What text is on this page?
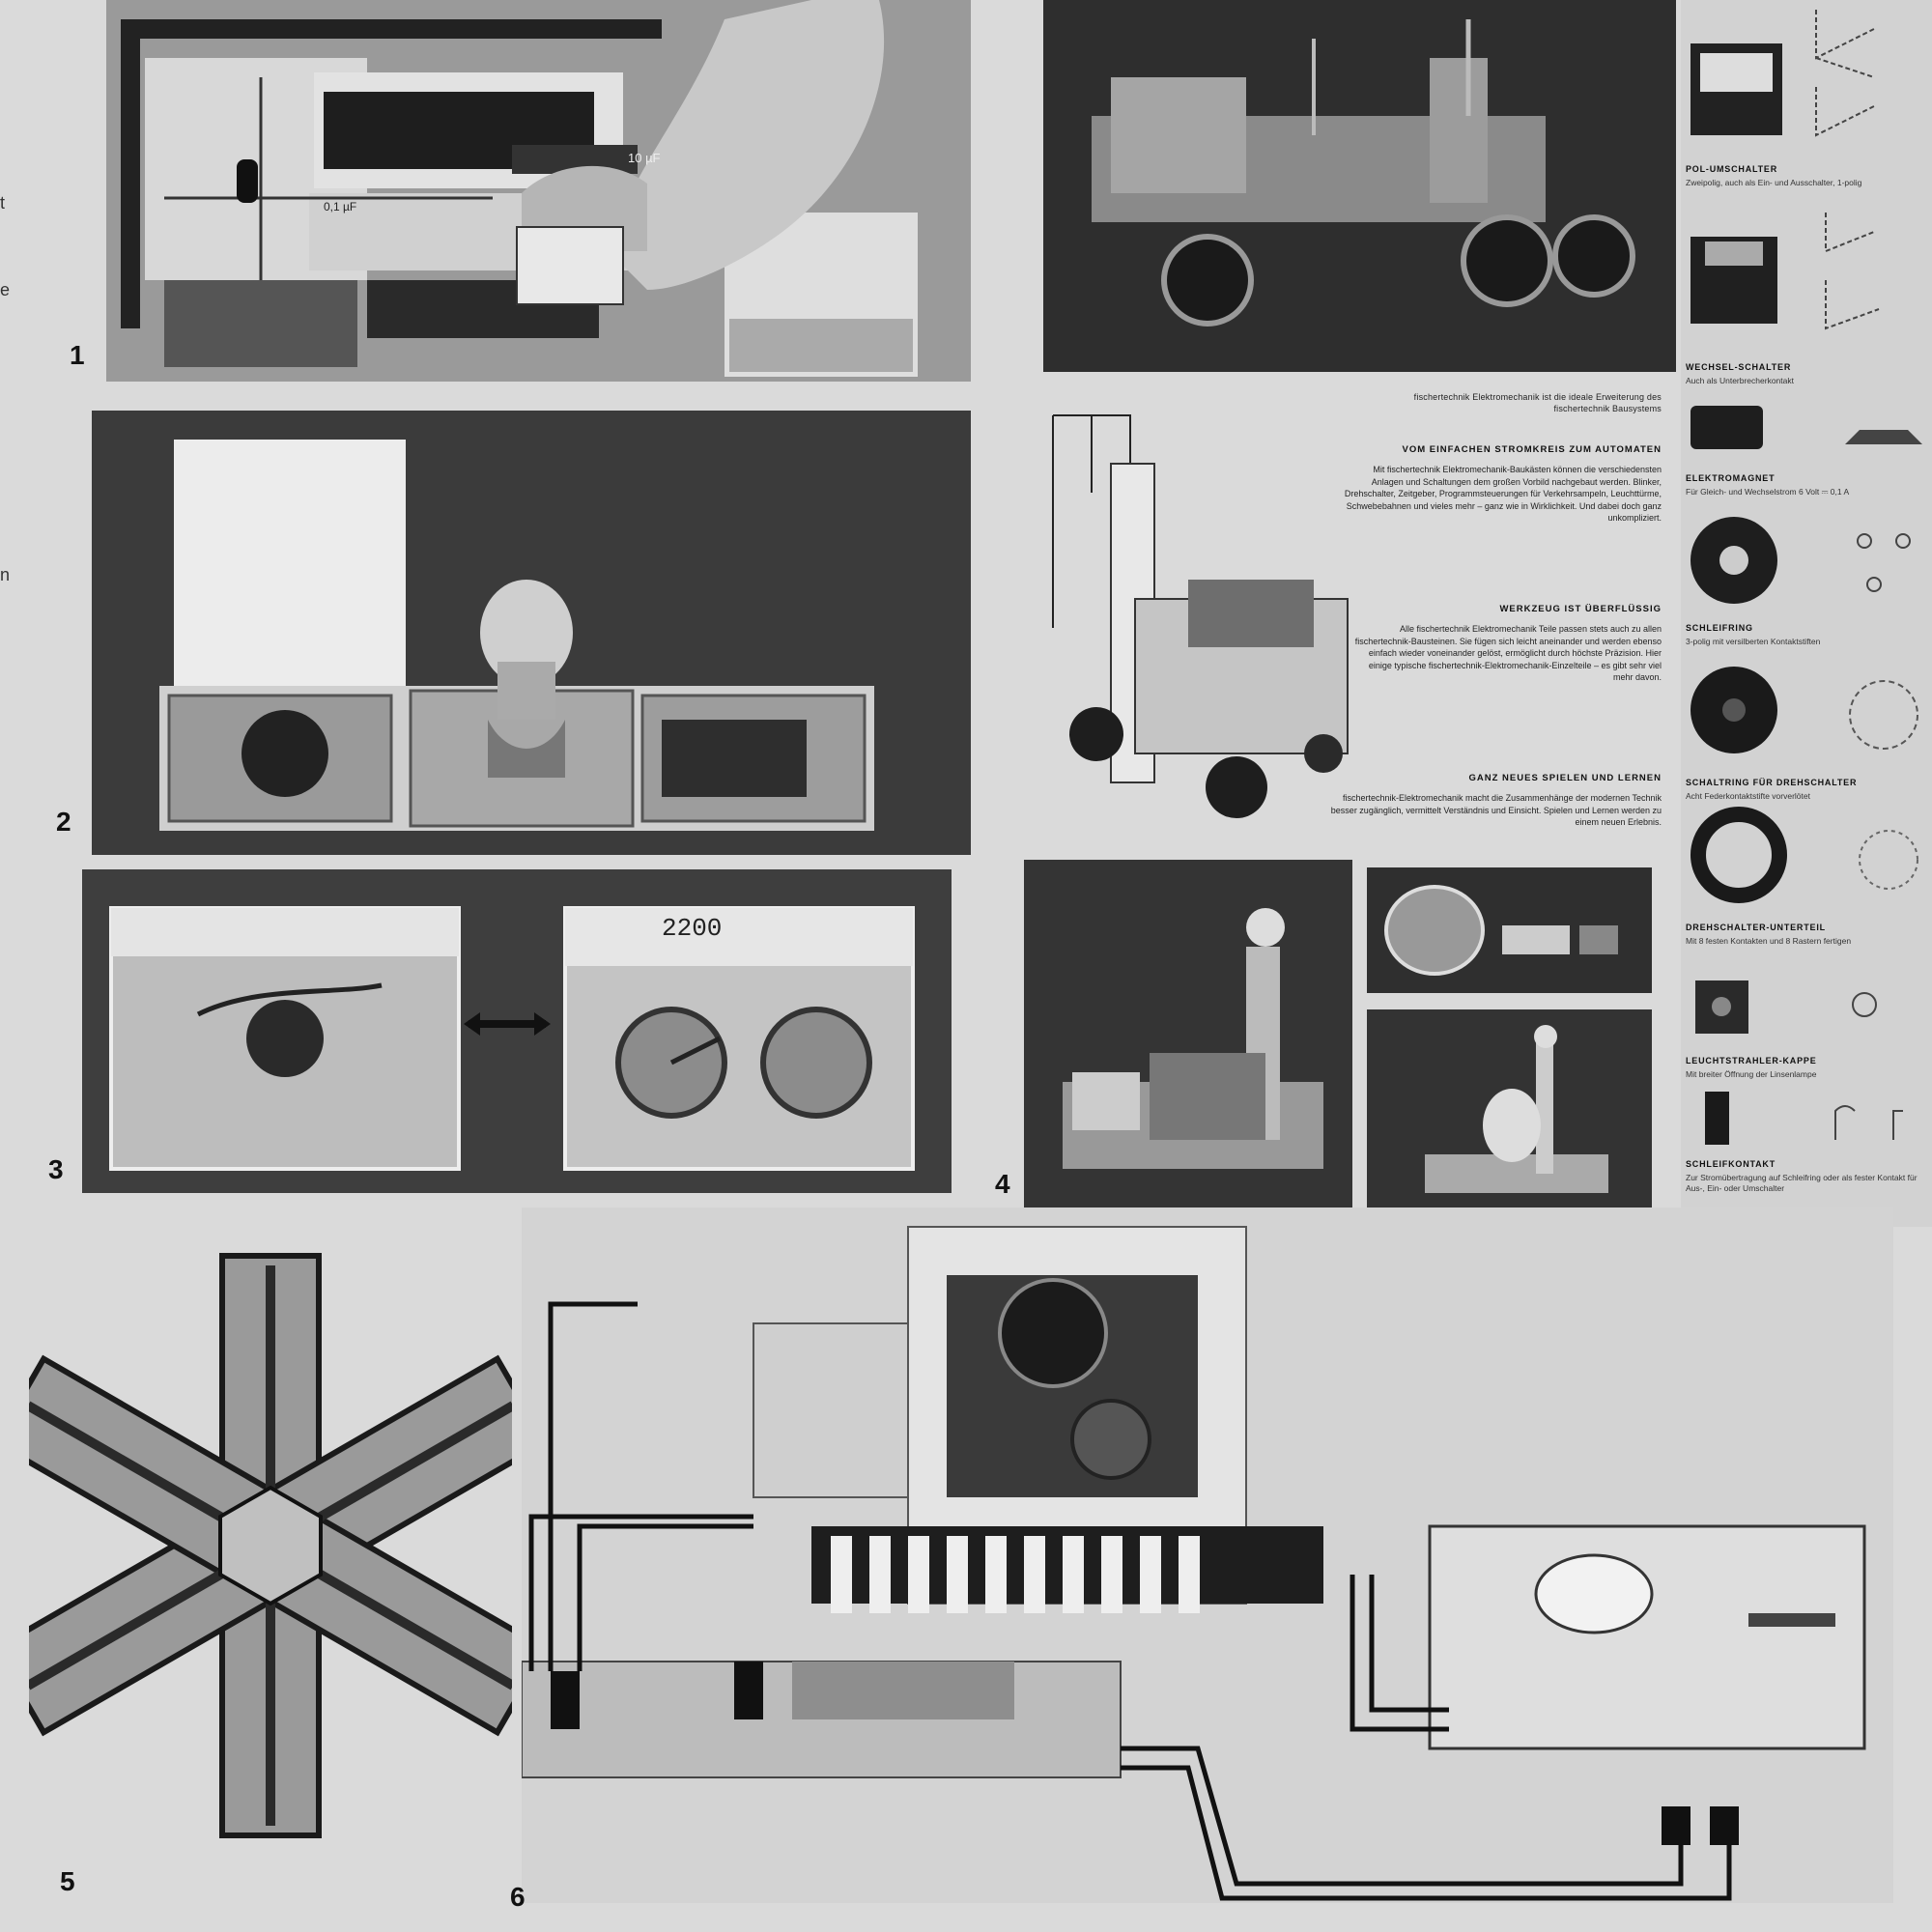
t
e
n
10 µF
0,1 µF
1
2
2200
3
fischertechnik Elektromechanik ist die ideale Erweiterung des fischertechnik Bausystems
VOM EINFACHEN STROMKREIS ZUM AUTOMATEN
Mit fischertechnik Elektromechanik-Baukästen können die verschiedensten Anlagen und Schaltungen dem großen Vorbild nachgebaut werden. Blinker, Drehschalter, Zeitgeber, Programmsteuerungen für Verkehrsampeln, Leuchttürme, Schwebebahnen und vieles mehr – ganz wie in Wirklichkeit. Und dabei doch ganz unkompliziert.
WERKZEUG IST ÜBERFLÜSSIG
Alle fischertechnik Elektromechanik Teile passen stets auch zu allen fischertechnik-Bausteinen. Sie fügen sich leicht aneinander und werden ebenso einfach wieder voneinander gelöst, ermöglicht durch höchste Präzision. Hier einige typische fischertechnik-Elektromechanik-Einzelteile – es gibt sehr viel mehr davon.
GANZ NEUES SPIELEN UND LERNEN
fischertechnik-Elektromechanik macht die Zusammenhänge der modernen Technik besser zugänglich, vermittelt Verständnis und Einsicht. Spielen und Lernen werden zu einem neuen Erlebnis.
4
POL-UMSCHALTER
Zweipolig, auch als Ein- und Ausschalter, 1-polig
WECHSEL-SCHALTER
Auch als Unterbrecherkontakt
ELEKTROMAGNET
Für Gleich- und Wechselstrom 6 Volt ⎓ 0,1 A
SCHLEIFRING
3-polig mit versilberten Kontaktstiften
SCHALTRING FÜR DREHSCHALTER
Acht Federkontaktstifte vorverlötet
DREHSCHALTER-UNTERTEIL
Mit 8 festen Kontakten und 8 Rastern fertigen
LEUCHTSTRAHLER-KAPPE
Mit breiter Öffnung der Linsenlampe
SCHLEIFKONTAKT
Zur Stromübertragung auf Schleifring oder als fester Kontakt für Aus-, Ein- oder Umschalter
5
6
